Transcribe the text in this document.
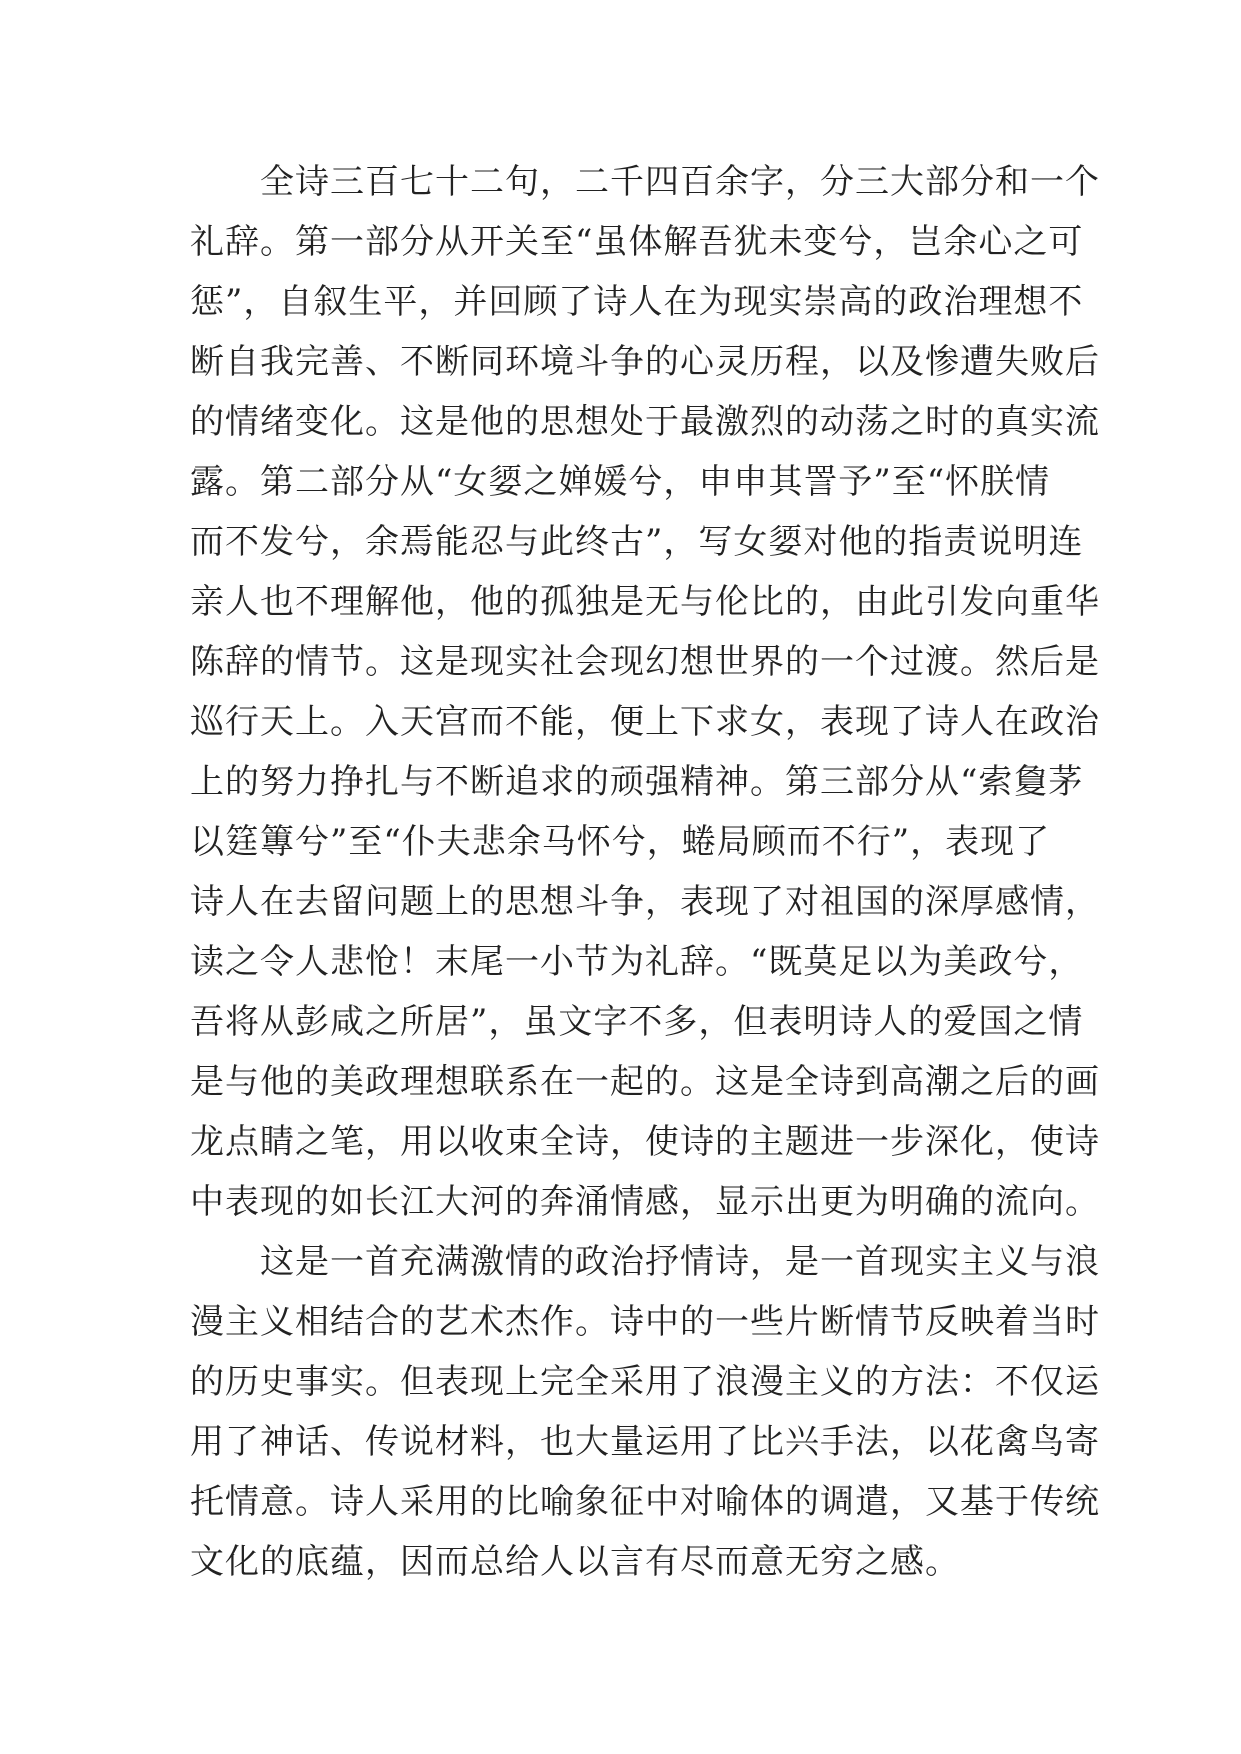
　　全诗三百七十二句，二千四百余字，分三大部分和一个
礼辞。第一部分从开关至“虽体解吾犹未变兮，岂余心之可
惩”，自叙生平，并回顾了诗人在为现实崇高的政治理想不
断自我完善、不断同环境斗争的心灵历程，以及惨遭失败后
的情绪变化。这是他的思想处于最激烈的动荡之时的真实流
露。第二部分从“女媭之婵媛兮，申申其詈予”至“怀朕情
而不发兮，余焉能忍与此终古”，写女媭对他的指责说明连
亲人也不理解他，他的孤独是无与伦比的，由此引发向重华
陈辞的情节。这是现实社会现幻想世界的一个过渡。然后是
巡行天上。入天宫而不能，便上下求女，表现了诗人在政治
上的努力挣扎与不断追求的顽强精神。第三部分从“索敻茅
以筳篿兮”至“仆夫悲余马怀兮，蜷局顾而不行”，表现了
诗人在去留问题上的思想斗争，表现了对祖国的深厚感情，
读之令人悲怆！末尾一小节为礼辞。“既莫足以为美政兮，
吾将从彭咸之所居”，虽文字不多，但表明诗人的爱国之情
是与他的美政理想联系在一起的。这是全诗到高潮之后的画
龙点睛之笔，用以收束全诗，使诗的主题进一步深化，使诗
中表现的如长江大河的奔涌情感，显示出更为明确的流向。
　　这是一首充满激情的政治抒情诗，是一首现实主义与浪
漫主义相结合的艺术杰作。诗中的一些片断情节反映着当时
的历史事实。但表现上完全采用了浪漫主义的方法：不仅运
用了神话、传说材料，也大量运用了比兴手法，以花禽鸟寄
托情意。诗人采用的比喻象征中对喻体的调遣，又基于传统
文化的底蕴，因而总给人以言有尽而意无穷之感。
